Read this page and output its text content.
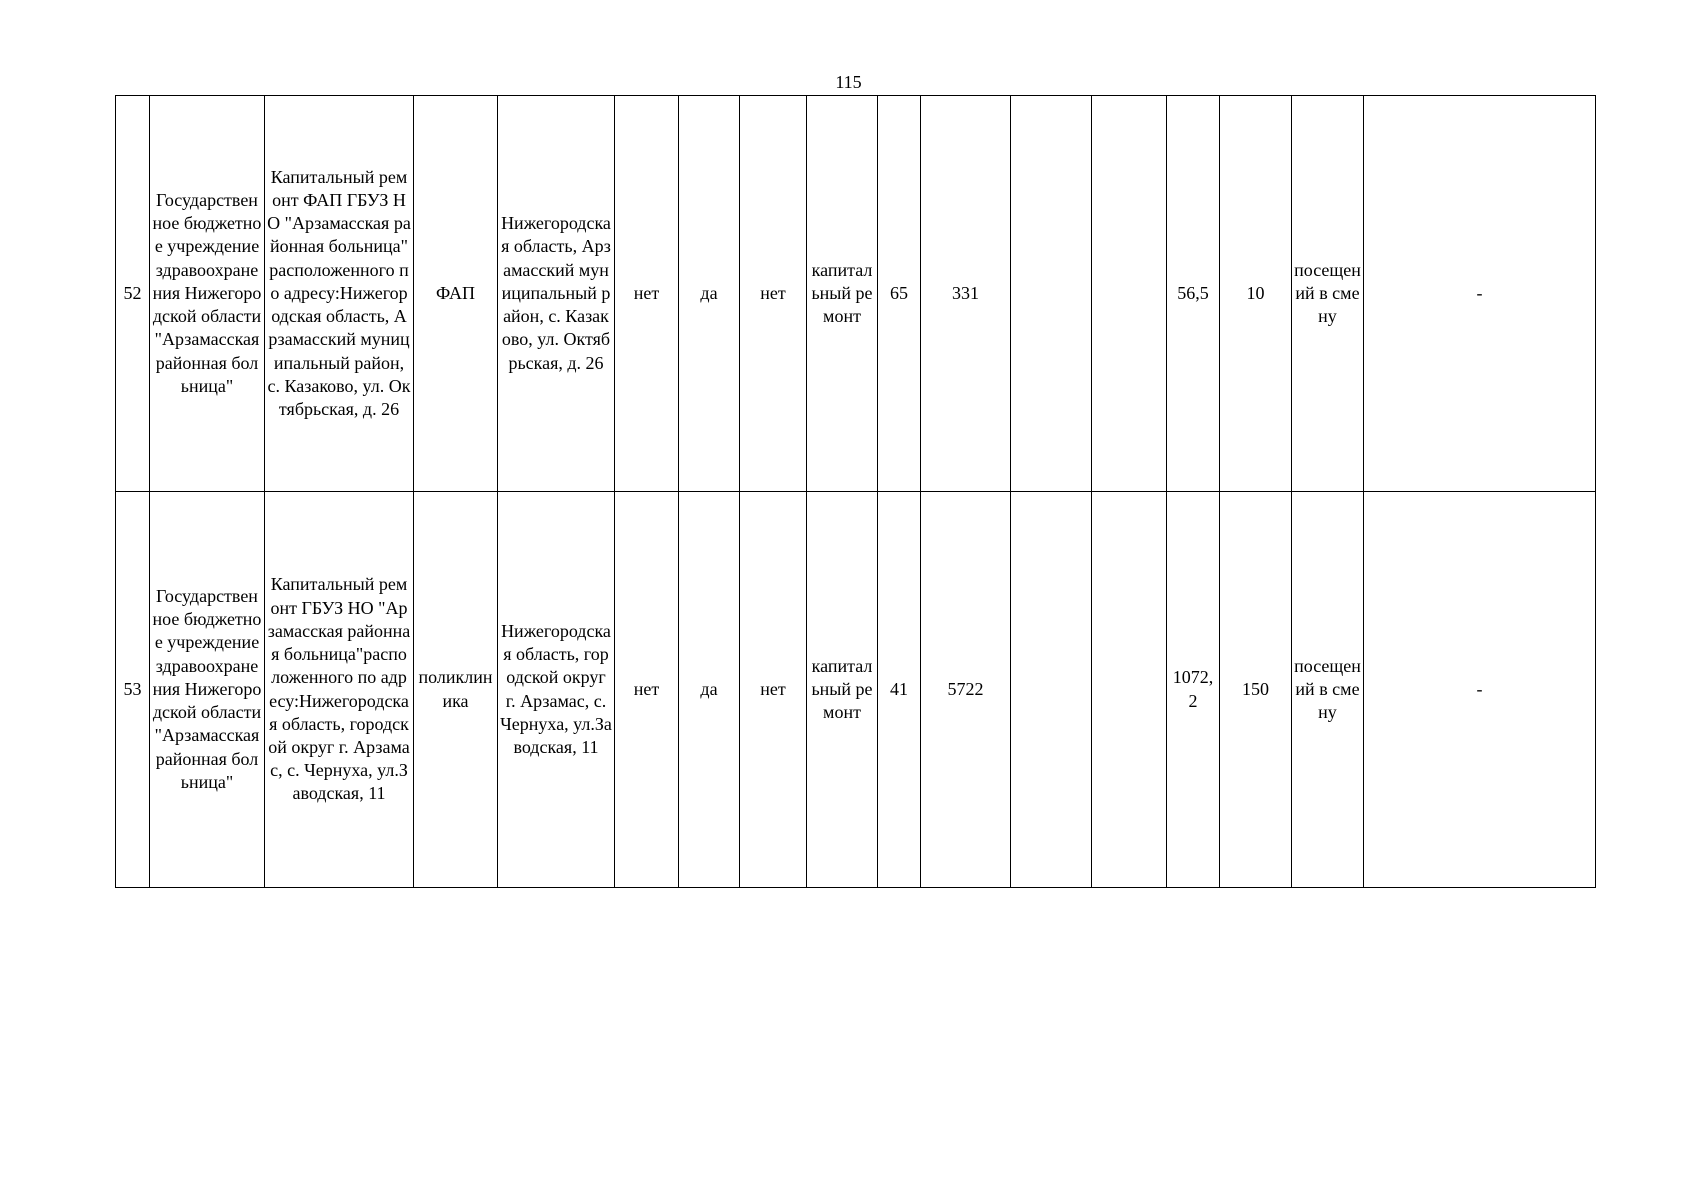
115
52	Государственное бюджетное учреждение здравоохранения Нижегородской области "Арзамасская районная больница"	Капитальный ремонт ФАП ГБУЗ НО "Арзамасская районная больница" расположенного по адресу:Нижегородская область, Арзамасский муниципальный район, с. Казаково, ул. Октябрьская, д. 26	ФАП	Нижегородская область, Арзамасский муниципальный район, с. Казаково, ул. Октябрьская, д. 26	нет	да	нет	капитальный ремонт	65	331			56,5	10	посещений в смену	-
53	Государственное бюджетное учреждение здравоохранения Нижегородской области "Арзамасская районная больница"	Капитальный ремонт ГБУЗ НО "Арзамасская районная больница"расположенного по адресу:Нижегородская область, городской округ г. Арзамас, с. Чернуха, ул.Заводская, 11	поликлиника	Нижегородская область, городской округ г. Арзамас, с. Чернуха, ул.Заводская, 11	нет	да	нет	капитальный ремонт	41	5722			1072,2	150	посещений в смену	-
